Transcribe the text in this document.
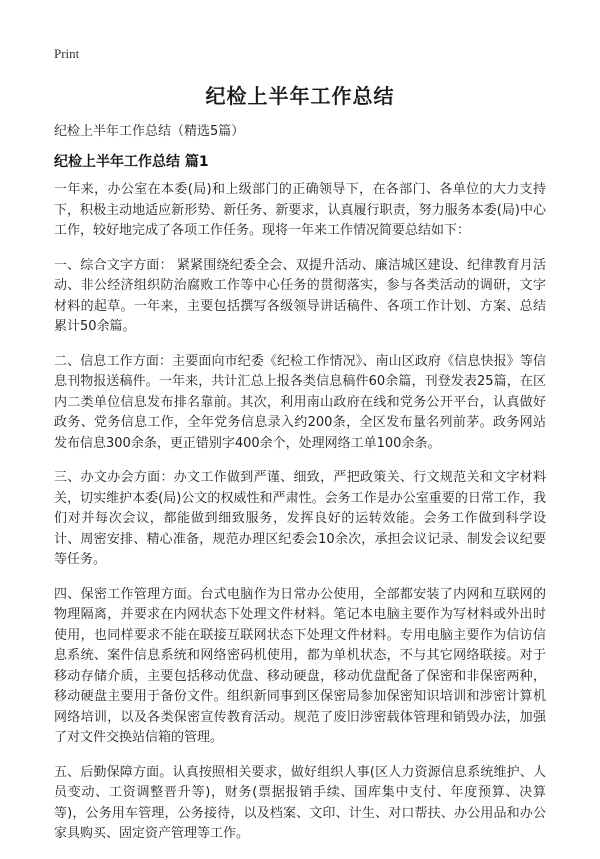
Print
纪检上半年工作总结
纪检上半年工作总结（精选5篇）
纪检上半年工作总结 篇1

一年来，办公室在本委(局)和上级部门的正确领导下，在各部门、各单位的大力支持下，积极主动地适应新形势、新任务、新要求，认真履行职责，努力服务本委(局)中心工作，较好地完成了各项工作任务。现将一年来工作情况简要总结如下：

一、综合文字方面： 紧紧围绕纪委全会、双提升活动、廉洁城区建设、纪律教育月活动、非公经济组织防治腐败工作等中心任务的贯彻落实，参与各类活动的调研，文字材料的起草。一年来，主要包括撰写各级领导讲话稿件、各项工作计划、方案、总结累计50余篇。

二、信息工作方面：主要面向市纪委《纪检工作情况》、南山区政府《信息快报》等信息刊物报送稿件。一年来，共计汇总上报各类信息稿件60余篇，刊登发表25篇，在区内二类单位信息发布排名靠前。其次，利用南山政府在线和党务公开平台，认真做好政务、党务信息工作，全年党务信息录入约200条，全区发布量名列前茅。政务网站发布信息300余条，更正错别字400余个，处理网络工单100余条。

三、办文办会方面：办文工作做到严谨、细致，严把政策关、行文规范关和文字材料关，切实维护本委(局)公文的权威性和严肃性。会务工作是办公室重要的日常工作，我们对并每次会议，都能做到细致服务，发挥良好的运转效能。会务工作做到科学设计、周密安排、精心准备，规范办理区纪委会10余次，承担会议记录、制发会议纪要等任务。

四、保密工作管理方面。台式电脑作为日常办公使用，全部都安装了内网和互联网的物理隔离，并要求在内网状态下处理文件材料。笔记本电脑主要作为写材料或外出时使用，也同样要求不能在联接互联网状态下处理文件材料。专用电脑主要作为信访信息系统、案件信息系统和网络密码机使用，都为单机状态，不与其它网络联接。对于移动存储介质，主要包括移动优盘、移动硬盘，移动优盘配备了保密和非保密两种，移动硬盘主要用于备份文件。组织新同事到区保密局参加保密知识培训和涉密计算机网络培训，以及各类保密宣传教育活动。规范了废旧涉密载体管理和销毁办法，加强了对文件交换站信箱的管理。

五、后勤保障方面。认真按照相关要求，做好组织人事(区人力资源信息系统维护、人员变动、工资调整晋升等)，财务(票据报销手续、国库集中支付、年度预算、决算等)，公务用车管理，公务接待，以及档案、文印、计生、对口帮扶、办公用品和办公家具购买、固定资产管理等工作。
